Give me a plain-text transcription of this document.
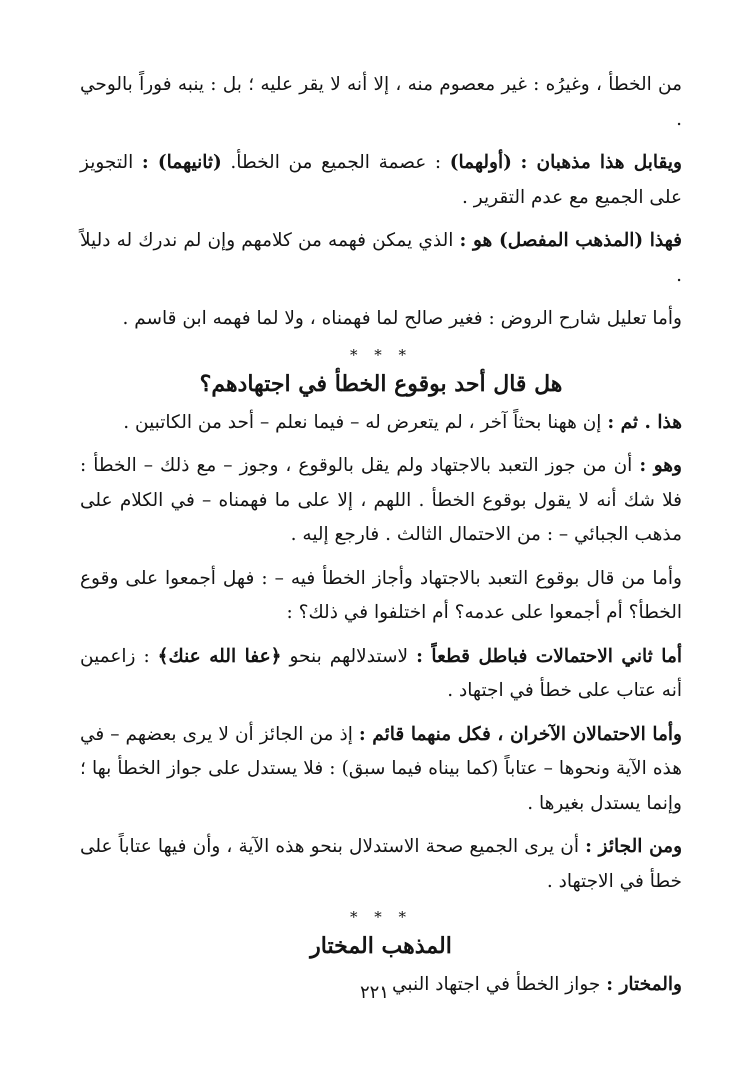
من الخطأ ، وغيرُه : غير معصوم منه ، إلا أنه لا يقر عليه ؛ بل : ينبه فوراً بالوحي .

ويقابل هذا مذهبان : (أولهما) : عصمة الجميع من الخطأ. (ثانيهما) : التجويز على الجميع مع عدم التقرير .

فهذا (المذهب المفصل) هو : الذي يمكن فهمه من كلامهم وإن لم ندرك له دليلاً .

وأما تعليل شارح الروض : فغير صالح لما فهمناه ، ولا لما فهمه ابن قاسم .

* * *
هل قال أحد بوقوع الخطأ في اجتهادهم؟

هذا . ثم : إن ههنا بحثاً آخر ، لم يتعرض له – فيما نعلم – أحد من الكاتبين .

وهو : أن من جوز التعبد بالاجتهاد ولم يقل بالوقوع ، وجوز – مع ذلك – الخطأ : فلا شك أنه لا يقول بوقوع الخطأ . اللهم ، إلا على ما فهمناه – في الكلام على مذهب الجبائي – : من الاحتمال الثالث . فارجع إليه .

وأما من قال بوقوع التعبد بالاجتهاد وأجاز الخطأ فيه – : فهل أجمعوا على وقوع الخطأ؟ أم أجمعوا على عدمه؟ أم اختلفوا في ذلك؟ :

أما ثاني الاحتمالات فباطل قطعاً : لاستدلالهم بنحو ﴿عفا الله عنك﴾ : زاعمين أنه عتاب على خطأ في اجتهاد .

وأما الاحتمالان الآخران ، فكل منهما قائم : إذ من الجائز أن لا يرى بعضهم – في هذه الآية ونحوها – عتاباً (كما بيناه فيما سبق) : فلا يستدل على جواز الخطأ بها ؛ وإنما يستدل بغيرها .

ومن الجائز : أن يرى الجميع صحة الاستدلال بنحو هذه الآية ، وأن فيها عتاباً على خطأ في الاجتهاد .

* * *
المذهب المختار

والمختار : جواز الخطأ في اجتهاد النبي .

٢٢١
